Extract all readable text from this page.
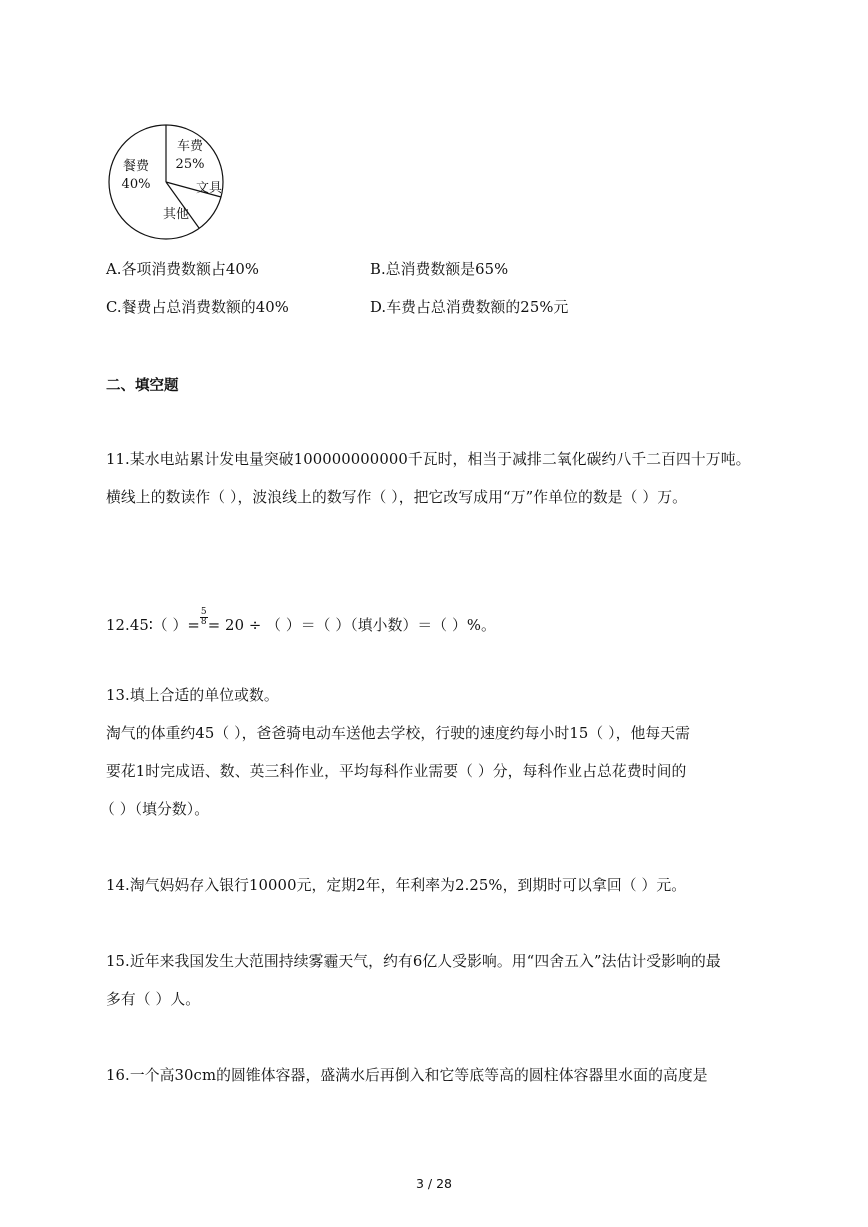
车费
25%
文具
其他
餐费
40%
A.各项消费数额占40%	B.总消费数额是65%
C.餐费占总消费数额的40%	D.车费占总消费数额的25%元
二、填空题
11.某水电站累计发电量突破100000000000千瓦时，相当于减排二氧化碳约八千二百四十万吨。
横线上的数读作（ ），波浪线上的数写作（ ），把它改写成用“万”作单位的数是（ ）万。
12.45∶（ ）= $\frac{5}{8} = 20$ ÷ （ ）＝（ ）（填小数）＝（ ）%。
13.填上合适的单位或数。
淘气的体重约45（ ），爸爸骑电动车送他去学校，行驶的速度约每小时15（ ），他每天需
要花1时完成语、数、英三科作业，平均每科作业需要（ ）分，每科作业占总花费时间的
（ ）（填分数）。
14.淘气妈妈存入银行10000元，定期2年，年利率为2.25%，到期时可以拿回（ ）元。
15.近年来我国发生大范围持续雾霾天气，约有6亿人受影响。用“四舍五入”法估计受影响的最
多有（ ）人。
16.一个高30cm的圆锥体容器，盛满水后再倒入和它等底等高的圆柱体容器里水面的高度是
3 / 28
